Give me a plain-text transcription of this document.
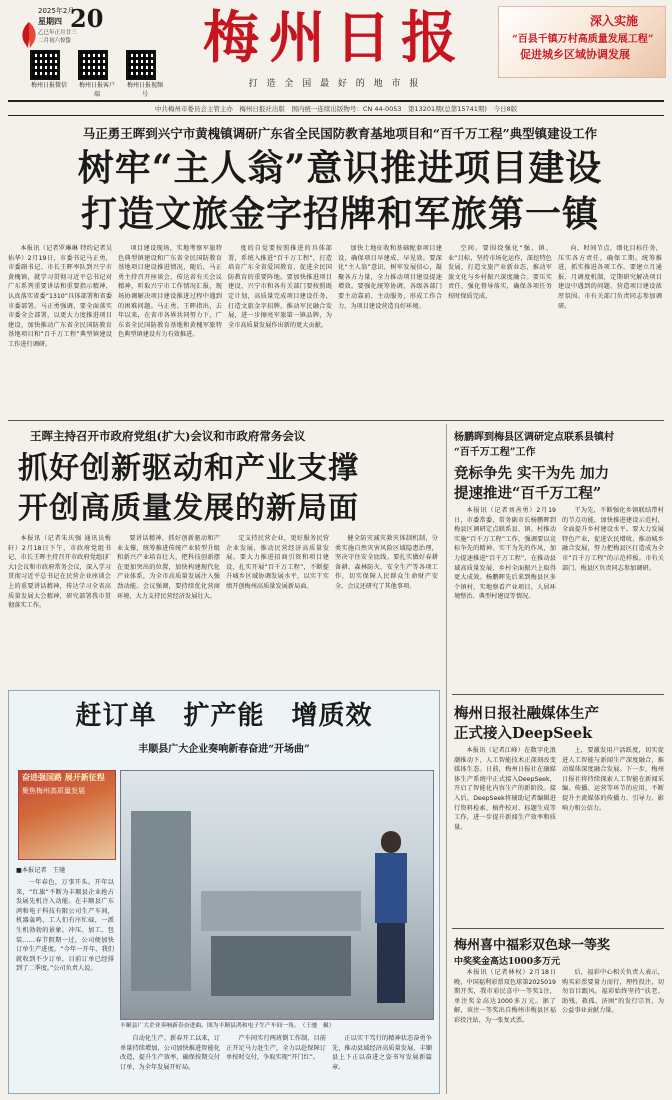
2025年2月
星期四 20
乙巳年正月廿三
二月初六惊蛰
梅州日报微信 梅州日报客户端
梅州日报视频号
梅州日报
打 造 全 国 最 好 的 地 市 报
深入实施
“百县千镇万村高质量发展工程”
促进城乡区域协调发展
中共梅州市委员会主管主办　梅州日报社出版　国内统一连续出版物号：CN 44-0053　第13201期(总第15741期)　今日8版
马正勇王晖到兴宁市黄槐镇调研广东省全民国防教育基地项目和“百千万工程”典型镇建设工作
树牢“主人翁”意识推进项目建设
打造文旅金字招牌和军旅第一镇

本报讯（记者罗琳琳 特约记者吴佑华）2月19日，市委书记马正勇，市委副书记、市长王晖率队到兴宁市黄槐镇，就学习贯彻习近平总书记对广东系列重要讲话和重要指示精神，认真落实省委“1310”具体部署和省委市委部署。马正勇强调，要全面落实市委全会部署，以更大力度推进项目建设，加快推动广东省全民国防教育基地项目和“百千万工程”典型镇建设工作进行调研。

项目建设现场，实地考察军旅特色典型镇建设和广东省全民国防教育基地项目建设推进情况，随后，马正勇主持召开座谈会，传达省有关会议精神，听取兴宁市工作情况汇报，现场协调解决项目建设推进过程中遇到的困难问题。马正勇、王晖指出，去年以来，在省市各界共同努力下，广东省全民国防教育基地和黄槐军旅特色典型镇建设有力有效推进。

度的自觉要按照推进的具体部署，系统入推进“百千万工程”，打造培育广东全省爱国教育、促进全民国防教育的重要阵地。要加快推进项目建设，兴宁市和各有关部门要按照既定计划，高质量完成项目建设任务，打造文旅金字招牌，推动军民融合发展，进一步擦亮军旅第一镇品牌，为全市高质量发展作出新的更大贡献。

加快土地征收和基础配套项目建设，确保项目早建成、早见效。要深化“主人翁”意识，树牢发展信心，凝聚各方力量，全力推动项目建设提速增效。要强化统筹协调，各级各部门要主动靠前、主动服务，形成工作合力，为项目建设营造良好环境。

空间。要围绕强化“强、镇、业”目标，坚持市场化运作，深挖特色发展，打造文旅产业新业态，推动军旅文化与乡村振兴深度融合。要压实责任，强化督导落实，确保各项任务按时保质完成。

向、时间节点，细化目标任务，压实各方责任，确保工期。统筹推进，抓实推进各项工作。要建立月通报、月调度机制，定期研究解决项目建设中遇到的问题，营造项目建设浓厚氛围。市有关部门负责同志参加调研。

王晖主持召开市政府党组(扩大)会议和市政府常务会议
抓好创新驱动和产业支撑
开创高质量发展的新局面

本报讯（记者朱庆强 通讯员梅轩）2月18日下午，市政府党组书记、市长王晖主持召开市政府党组(扩大)会议和市政府常务会议，深入学习贯彻习近平总书记在民营企业座谈会上的重要讲话精神，传达学习全省高质量发展大会精神，研究部署我市贯彻落实工作。

要讲话精神，抓好创新驱动和产业支撑，统筹推进传统产业转型升级和新兴产业培育壮大，把科技创新摆在更加突出的位置，加快构建现代化产业体系，为全市高质量发展注入强劲动能。会议强调，要持续优化营商环境，大力支持民营经济发展壮大。

定支持民营企业，更好服务民营企业发展，推动民营经济高质量发展。要大力推进招商引资和项目建设，扎实开展“百千万工程”，不断提升城乡区域协调发展水平，以实干实绩开创梅州高质量发展新局面。

健全防灾减灾救灾体制机制，分类实施自然灾害风险区域隐患治理，坚决守住安全底线。要扎实做好春耕备耕、森林防火、安全生产等各项工作，切实保障人民群众生命财产安全。会议还研究了其他事项。

杨鹏晖到梅县区调研定点联系县镇村
“百千万工程”工作
竞标争先 实干为先 加力
提速推进“百千万工程”

本报讯（记者刘善勇）2月19日，市委常委、常务副市长杨鹏晖到梅县区调研定点联系县、镇、村推动实施“百千万工程”工作，强调要以竞标争先的精神、实干为先的作风，加力提速推进“百千万工程”，在推动县域高质量发展、乡村全面振兴上取得更大成效。杨鹏晖先后来到梅县区多个镇村，实地察看产业项目、人居环境整治、典型村建设等情况。

干为先，不断强化乡镇联结带村的节点功能，加快推进建设示范村，全面提升乡村建设水平。要大力发展特色产业，促进农民增收，推动城乡融合发展，努力把梅县区打造成为全市“百千万工程”的示范样板。市有关部门、梅县区负责同志参加调研。

赶订单　扩产能　增质效
丰顺县广大企业奏响新春奋进“开场曲”
奋进强国路 展开新征程
聚焦梅州高质量发展
■本报记者　王驰

一年春色，万事开头。开年以来，“红旗”不断为丰顺县企业抢占发展先机注入动能。在丰顺县广东鸿和电子科技有限公司生产车间，机器轰鸣、工人们有序忙碌，一派生机勃勃的景象。冲压、加工、包装……春节假期一过，公司便加快订单生产进度。“今年一开年，我们就收到不少订单，目前订单已经排到了二季度。”公司负责人说。

丰顺县广大企业奏响新春奋进曲。图为丰顺县鸿和电子生产车间一角。　（王驰　摄）

自动化生产。新春开工以来，订单量持续增加，公司加快推进智能化改造，提升生产效率，确保按期交付订单，为全年发展开好局。

产车间实行两班倒工作制，目前正开足马力赶生产，全力以赴保障订单按时交付，争取实现“开门红”。

正以实干笃行的精神状态奋勇争先，推动县域经济高质量发展，丰顺县上下正以奋进之姿书写发展新篇章。

梅州日报社融媒体生产
正式接入DeepSeek

本报讯（记者江峰）在数字化浪潮推动下，人工智能技术正深刻改变媒体生态。日前，梅州日报社在融媒体生产系统中正式接入DeepSeek，开启了智能化内容生产的新阶段。接入后，DeepSeek将辅助记者编辑进行资料检索、稿件校对、标题生成等工作，进一步提升新闻生产效率和质量。

上，要激发用户活跃度，切实促进人工智能与新闻生产深度融合，推动媒体深度融合发展。下一步，梅州日报社将持续探索人工智能在新闻采编、传播、运营等环节的应用，不断提升主流媒体的传播力、引导力、影响力和公信力。

梅州喜中福彩双色球一等奖
中奖奖金高达1000多万元

本报讯（记者林权）2月18日晚，中国福利彩票双色球第2025019期开奖，我市彩民喜中一等奖1注，单注奖金高达1000多万元。据了解，该注一等奖出自梅州市梅县区福彩投注站，为一张复式票。

后，福彩中心相关负责人表示，购买彩票要量力而行，理性投注，切勿盲目跟风。福彩始终坚持“扶老、助残、救孤、济困”的发行宗旨，为公益事业贡献力量。
